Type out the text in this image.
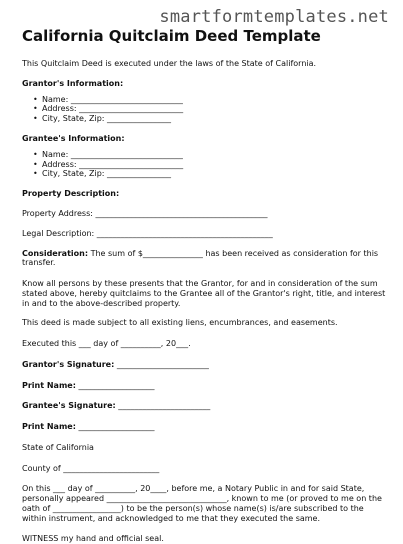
smartformtemplates.net
California Quitclaim Deed Template

This Quitclaim Deed is executed under the laws of the State of California.

Grantor's Information:

• Name: ____________________________
• Address: __________________________
• City, State, Zip: ________________

Grantee's Information:

• Name: ____________________________
• Address: __________________________
• City, State, Zip: ________________

Property Description:

Property Address: ___________________________________________

Legal Description: ____________________________________________

Consideration: The sum of $_______________ has been received as consideration for this transfer.

Know all persons by these presents that the Grantor, for and in consideration of the sum stated above, hereby quitclaims to the Grantee all of the Grantor's right, title, and interest in and to the above-described property.

This deed is made subject to all existing liens, encumbrances, and easements.

Executed this ___ day of __________, 20___.

Grantor's Signature: _______________________

Print Name: ___________________

Grantee's Signature: _______________________

Print Name: ___________________

State of California

County of ________________________

On this ___ day of __________, 20____, before me, a Notary Public in and for said State,
personally appeared ______________________________, known to me (or proved to me on the
oath of _________________) to be the person(s) whose name(s) is/are subscribed to the
within instrument, and acknowledged to me that they executed the same.

WITNESS my hand and official seal.
